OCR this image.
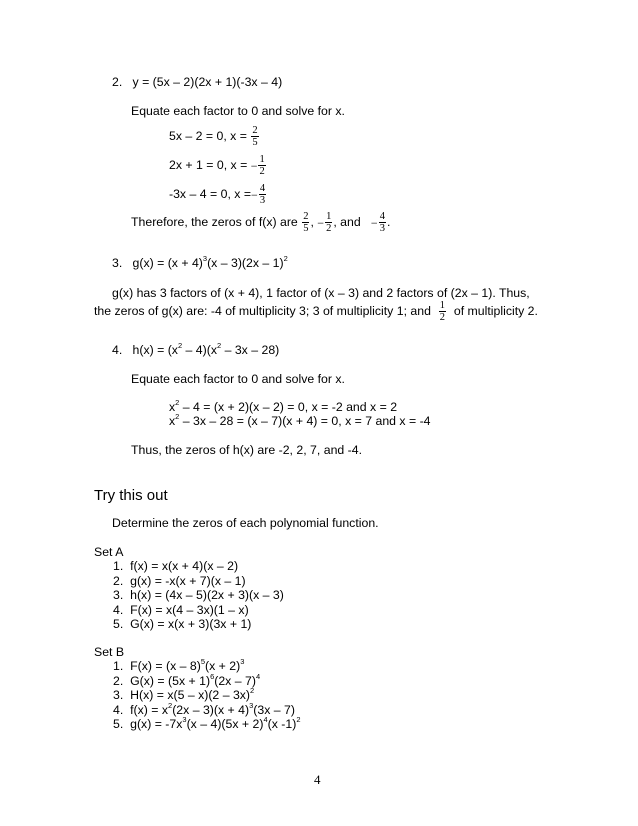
2. y = (5x – 2)(2x + 1)(-3x – 4)
Equate each factor to 0 and solve for x.
5x – 2 = 0, $x = \frac{2}{5}$
2x + 1 = 0, x = − $\frac{1}{2}$
-3x – 4 = 0, $x =- \frac{4}{3}$
Therefore, the zeros of f(x) are $\frac{2}{5}$ , − $\frac{1}{2}$ , and − $\frac{4}{3}$ .
3. $g(x) = (x + 4)^3(x - 3)(2x - 1)^2$
g(x) has 3 factors of (x + 4), 1 factor of (x – 3) and 2 factors of (2x – 1). Thus,
the zeros of g(x) are: -4 of multiplicity 3; 3 of multiplicity 1; and $\frac{1}{2}$ of multiplicity 2.
4. $h(x) = (x^2 - 4)(x^2 - 3x - 28)$
Equate each factor to 0 and solve for x.
$x^2 - 4 = (x + 2)(x - 2) = 0$, x = -2 and x = 2
$x^2 - 3x - 28 = (x - 7)(x + 4) = 0$, x = 7 and x = -4
Thus, the zeros of h(x) are -2, 2, 7, and -4.
Try this out
Determine the zeros of each polynomial function.
Set A
1. f(x) = x(x + 4)(x – 2)
2. g(x) = -x(x + 7)(x – 1)
3. h(x) = (4x – 5)(2x + 3)(x – 3)
4. F(x) = x(4 – 3x)(1 – x)
5. G(x) = x(x + 3)(3x + 1)
Set B
1. $F(x) = (x - 8)^5(x + 2)^3$
2. $G(x) = (5x + 1)^6(2x - 7)^4$
3. H(x) = x(5 – x)(2 – 3x)$^2$
4. $f(x) = x^2(2x - 3)(x + 4)^3(3x - 7)$
5. $g(x) = -7x^3(x - 4)(5x + 2)^4(x$ -1)$^2$
4
